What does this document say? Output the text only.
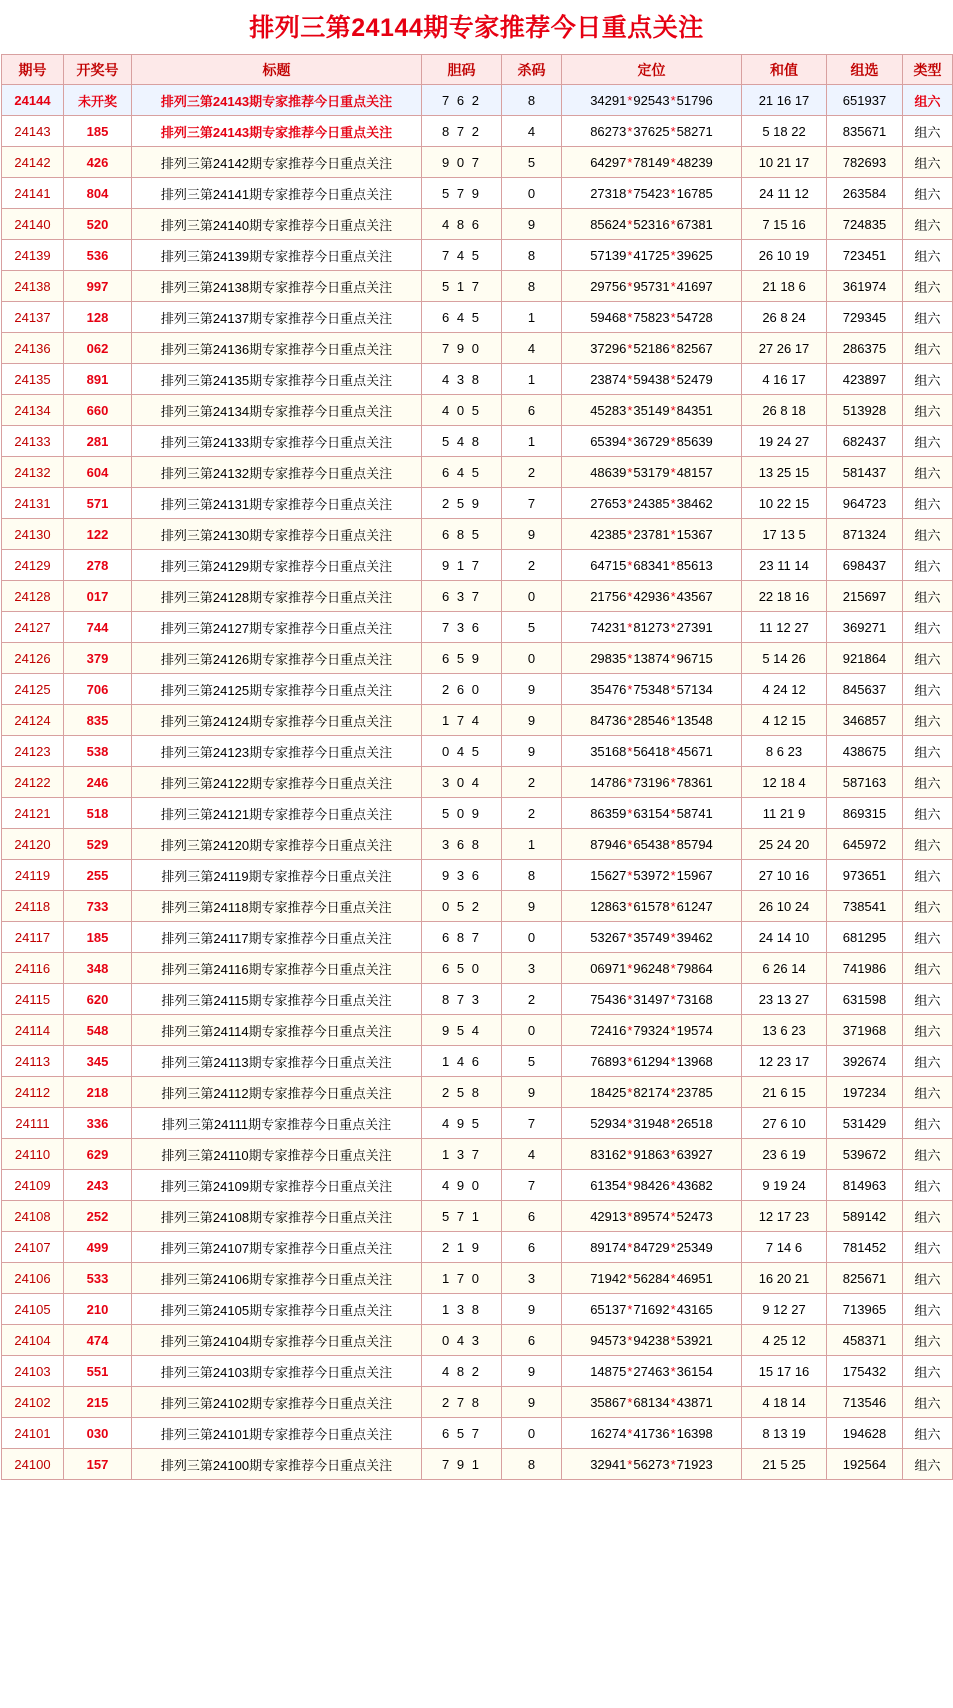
排列三第24144期专家推荐今日重点关注
期号	开奖号	标题	胆码	杀码	定位	和值	组选	类型
24144	未开奖	排列三第24143期专家推荐今日重点关注	7 6 2	8	34291*92543*51796	21 16 17	651937	组六
24143	185	排列三第24143期专家推荐今日重点关注	8 7 2	4	86273*37625*58271	5 18 22	835671	组六
24142	426	排列三第24142期专家推荐今日重点关注	9 0 7	5	64297*78149*48239	10 21 17	782693	组六
24141	804	排列三第24141期专家推荐今日重点关注	5 7 9	0	27318*75423*16785	24 11 12	263584	组六
24140	520	排列三第24140期专家推荐今日重点关注	4 8 6	9	85624*52316*67381	7 15 16	724835	组六
24139	536	排列三第24139期专家推荐今日重点关注	7 4 5	8	57139*41725*39625	26 10 19	723451	组六
24138	997	排列三第24138期专家推荐今日重点关注	5 1 7	8	29756*95731*41697	21 18 6	361974	组六
24137	128	排列三第24137期专家推荐今日重点关注	6 4 5	1	59468*75823*54728	26 8 24	729345	组六
24136	062	排列三第24136期专家推荐今日重点关注	7 9 0	4	37296*52186*82567	27 26 17	286375	组六
24135	891	排列三第24135期专家推荐今日重点关注	4 3 8	1	23874*59438*52479	4 16 17	423897	组六
24134	660	排列三第24134期专家推荐今日重点关注	4 0 5	6	45283*35149*84351	26 8 18	513928	组六
24133	281	排列三第24133期专家推荐今日重点关注	5 4 8	1	65394*36729*85639	19 24 27	682437	组六
24132	604	排列三第24132期专家推荐今日重点关注	6 4 5	2	48639*53179*48157	13 25 15	581437	组六
24131	571	排列三第24131期专家推荐今日重点关注	2 5 9	7	27653*24385*38462	10 22 15	964723	组六
24130	122	排列三第24130期专家推荐今日重点关注	6 8 5	9	42385*23781*15367	17 13 5	871324	组六
24129	278	排列三第24129期专家推荐今日重点关注	9 1 7	2	64715*68341*85613	23 11 14	698437	组六
24128	017	排列三第24128期专家推荐今日重点关注	6 3 7	0	21756*42936*43567	22 18 16	215697	组六
24127	744	排列三第24127期专家推荐今日重点关注	7 3 6	5	74231*81273*27391	11 12 27	369271	组六
24126	379	排列三第24126期专家推荐今日重点关注	6 5 9	0	29835*13874*96715	5 14 26	921864	组六
24125	706	排列三第24125期专家推荐今日重点关注	2 6 0	9	35476*75348*57134	4 24 12	845637	组六
24124	835	排列三第24124期专家推荐今日重点关注	1 7 4	9	84736*28546*13548	4 12 15	346857	组六
24123	538	排列三第24123期专家推荐今日重点关注	0 4 5	9	35168*56418*45671	8 6 23	438675	组六
24122	246	排列三第24122期专家推荐今日重点关注	3 0 4	2	14786*73196*78361	12 18 4	587163	组六
24121	518	排列三第24121期专家推荐今日重点关注	5 0 9	2	86359*63154*58741	11 21 9	869315	组六
24120	529	排列三第24120期专家推荐今日重点关注	3 6 8	1	87946*65438*85794	25 24 20	645972	组六
24119	255	排列三第24119期专家推荐今日重点关注	9 3 6	8	15627*53972*15967	27 10 16	973651	组六
24118	733	排列三第24118期专家推荐今日重点关注	0 5 2	9	12863*61578*61247	26 10 24	738541	组六
24117	185	排列三第24117期专家推荐今日重点关注	6 8 7	0	53267*35749*39462	24 14 10	681295	组六
24116	348	排列三第24116期专家推荐今日重点关注	6 5 0	3	06971*96248*79864	6 26 14	741986	组六
24115	620	排列三第24115期专家推荐今日重点关注	8 7 3	2	75436*31497*73168	23 13 27	631598	组六
24114	548	排列三第24114期专家推荐今日重点关注	9 5 4	0	72416*79324*19574	13 6 23	371968	组六
24113	345	排列三第24113期专家推荐今日重点关注	1 4 6	5	76893*61294*13968	12 23 17	392674	组六
24112	218	排列三第24112期专家推荐今日重点关注	2 5 8	9	18425*82174*23785	21 6 15	197234	组六
24111	336	排列三第24111期专家推荐今日重点关注	4 9 5	7	52934*31948*26518	27 6 10	531429	组六
24110	629	排列三第24110期专家推荐今日重点关注	1 3 7	4	83162*91863*63927	23 6 19	539672	组六
24109	243	排列三第24109期专家推荐今日重点关注	4 9 0	7	61354*98426*43682	9 19 24	814963	组六
24108	252	排列三第24108期专家推荐今日重点关注	5 7 1	6	42913*89574*52473	12 17 23	589142	组六
24107	499	排列三第24107期专家推荐今日重点关注	2 1 9	6	89174*84729*25349	7 14 6	781452	组六
24106	533	排列三第24106期专家推荐今日重点关注	1 7 0	3	71942*56284*46951	16 20 21	825671	组六
24105	210	排列三第24105期专家推荐今日重点关注	1 3 8	9	65137*71692*43165	9 12 27	713965	组六
24104	474	排列三第24104期专家推荐今日重点关注	0 4 3	6	94573*94238*53921	4 25 12	458371	组六
24103	551	排列三第24103期专家推荐今日重点关注	4 8 2	9	14875*27463*36154	15 17 16	175432	组六
24102	215	排列三第24102期专家推荐今日重点关注	2 7 8	9	35867*68134*43871	4 18 14	713546	组六
24101	030	排列三第24101期专家推荐今日重点关注	6 5 7	0	16274*41736*16398	8 13 19	194628	组六
24100	157	排列三第24100期专家推荐今日重点关注	7 9 1	8	32941*56273*71923	21 5 25	192564	组六
